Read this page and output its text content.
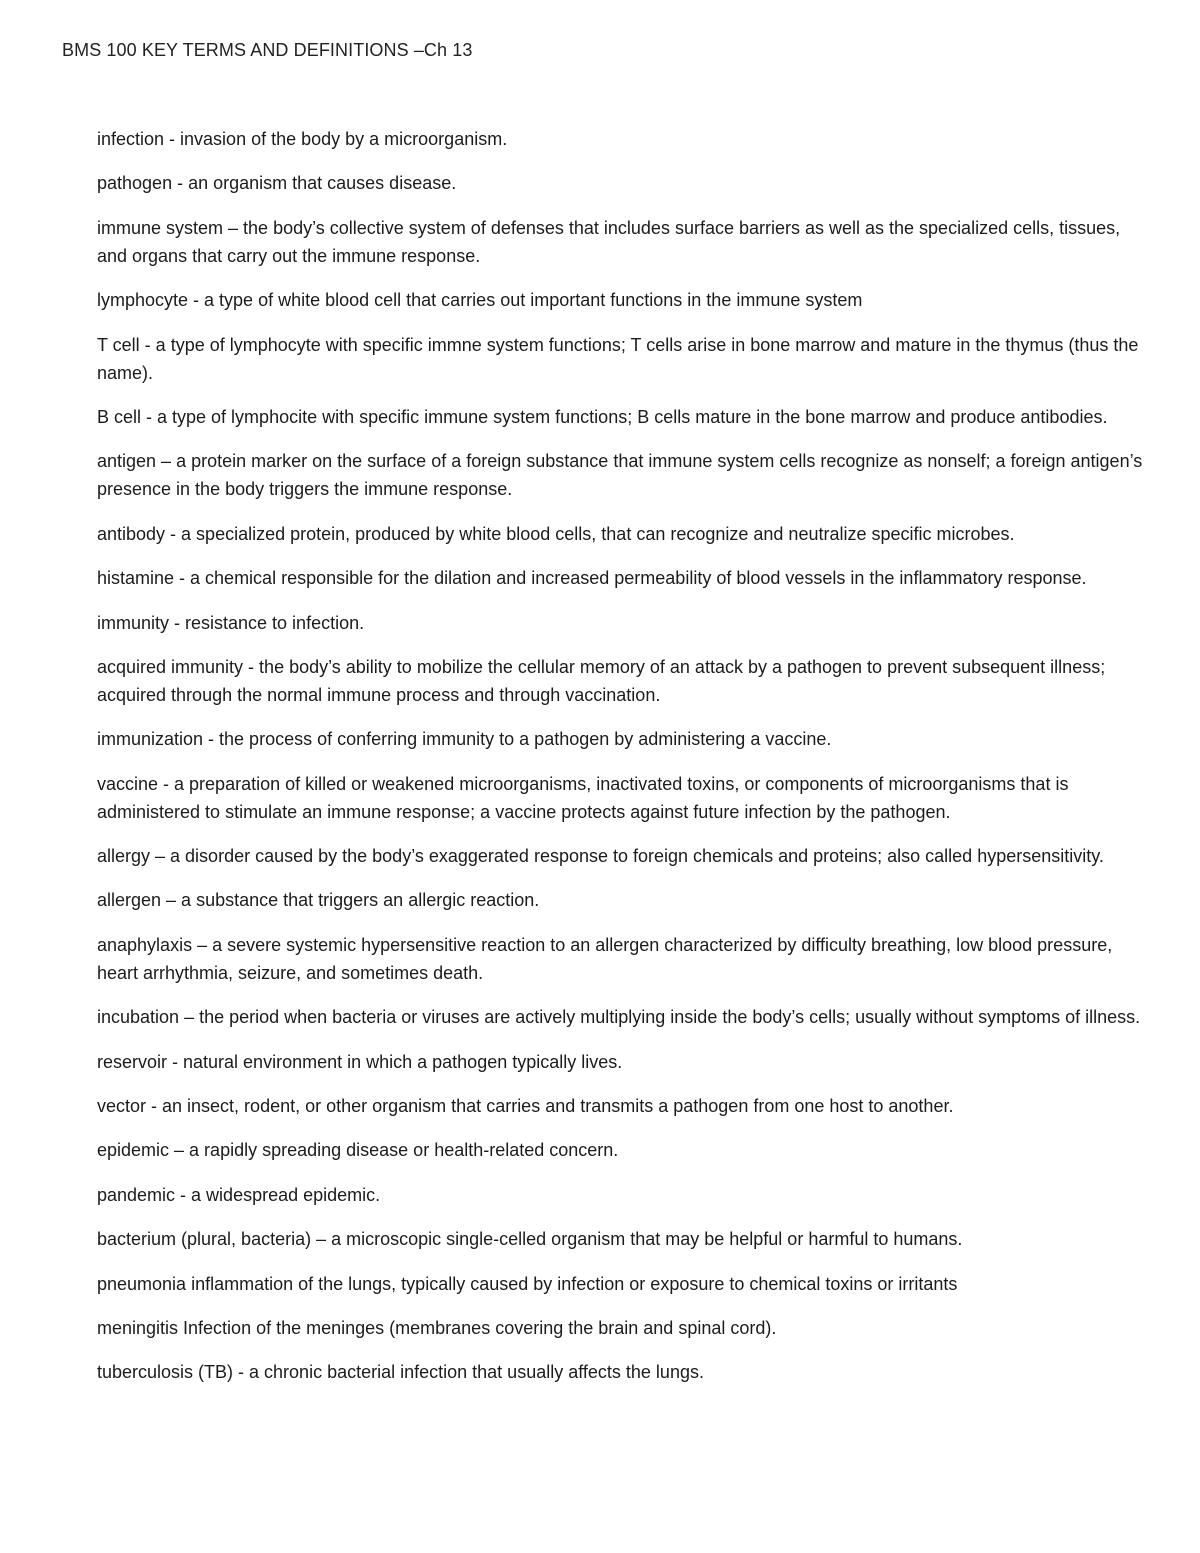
BMS 100 KEY TERMS AND DEFINITIONS –Ch 13
infection - invasion of the body by a microorganism.
pathogen - an organism that causes disease.
immune system – the body’s collective system of defenses that includes surface barriers as well as the specialized cells, tissues, and organs that carry out the immune response.
lymphocyte - a type of white blood cell that carries out important functions in the immune system
T cell - a type of lymphocyte with specific immne system functions; T cells arise in bone marrow and mature in the thymus (thus the name).
B cell - a type of lymphocite with specific immune system functions; B cells mature in the bone marrow and produce antibodies.
antigen – a protein marker on the surface of a foreign substance that immune system cells recognize as nonself; a foreign antigen’s presence in the body triggers the immune response.
antibody - a specialized protein, produced by white blood cells, that can recognize and neutralize specific microbes.
histamine - a chemical responsible for the dilation and increased permeability of blood vessels in the inflammatory response.
immunity - resistance to infection.
acquired immunity - the body’s ability to mobilize the cellular memory of an attack by a pathogen to prevent subsequent illness; acquired through the normal immune process and through vaccination.
immunization - the process of conferring immunity to a pathogen by administering a vaccine.
vaccine - a preparation of killed or weakened microorganisms, inactivated toxins, or components of microorganisms that is administered to stimulate an immune response; a vaccine protects against future infection by the pathogen.
allergy – a disorder caused by the body’s exaggerated response to foreign chemicals and proteins; also called hypersensitivity.
allergen – a substance that triggers an allergic reaction.
anaphylaxis – a severe systemic hypersensitive reaction to an allergen characterized by difficulty breathing, low blood pressure, heart arrhythmia, seizure, and sometimes death.
incubation – the period when bacteria or viruses are actively multiplying inside the body’s cells; usually without symptoms of illness.
reservoir - natural environment in which a pathogen typically lives.
vector - an insect, rodent, or other organism that carries and transmits a pathogen from one host to another.
epidemic – a rapidly spreading disease or health-related concern.
pandemic - a widespread epidemic.
bacterium (plural, bacteria) – a microscopic single-celled organism that may be helpful or harmful to humans.
pneumonia inflammation of the lungs, typically caused by infection or exposure to chemical toxins or irritants
meningitis Infection of the meninges (membranes covering the brain and spinal cord).
tuberculosis (TB) - a chronic bacterial infection that usually affects the lungs.
